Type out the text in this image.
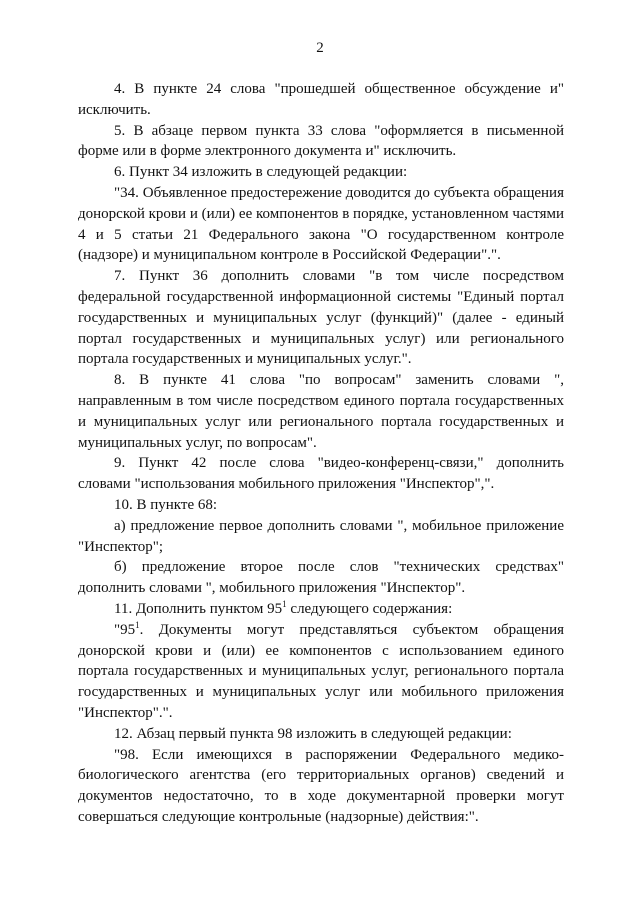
2

4. В пункте 24 слова "прошедшей общественное обсуждение и" исключить.

5. В абзаце первом пункта 33 слова "оформляется в письменной форме или в форме электронного документа и" исключить.

6. Пункт 34 изложить в следующей редакции:

"34. Объявленное предостережение доводится до субъекта обращения донорской крови и (или) ее компонентов в порядке, установленном частями 4 и 5 статьи 21 Федерального закона "О государственном контроле (надзоре) и муниципальном контроле в Российской Федерации".".

7. Пункт 36 дополнить словами "в том числе посредством федеральной государственной информационной системы "Единый портал государственных и муниципальных услуг (функций)" (далее - единый портал государственных и муниципальных услуг) или регионального портала государственных и муниципальных услуг.".

8. В пункте 41 слова "по вопросам" заменить словами ", направленным в том числе посредством единого портала государственных и муниципальных услуг или регионального портала государственных и муниципальных услуг, по вопросам".

9. Пункт 42 после слова "видео-конференц-связи," дополнить словами "использования мобильного приложения "Инспектор",".

10. В пункте 68:

а) предложение первое дополнить словами ", мобильное приложение "Инспектор";

б) предложение второе после слов "технических средствах" дополнить словами ", мобильного приложения "Инспектор".

11. Дополнить пунктом $95^1$ следующего содержания:

"$95^1$. Документы могут представляться субъектом обращения донорской крови и (или) ее компонентов с использованием единого портала государственных и муниципальных услуг, регионального портала государственных и муниципальных услуг или мобильного приложения "Инспектор".".

12. Абзац первый пункта 98 изложить в следующей редакции:

"98. Если имеющихся в распоряжении Федерального медико-биологического агентства (его территориальных органов) сведений и документов недостаточно, то в ходе документарной проверки могут совершаться следующие контрольные (надзорные) действия:".
